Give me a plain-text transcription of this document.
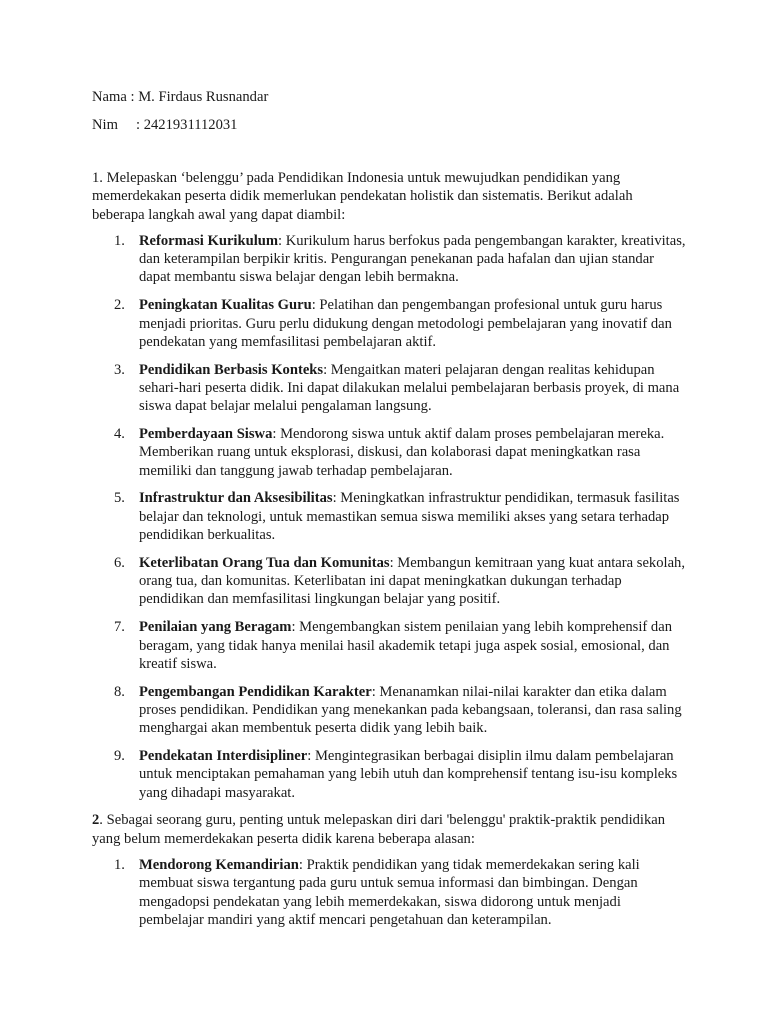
Nama : M. Firdaus Rusnandar
Nim : 2421931112031

1. Melepaskan ‘belenggu’ pada Pendidikan Indonesia untuk mewujudkan pendidikan yang memerdekakan peserta didik memerlukan pendekatan holistik dan sistematis. Berikut adalah beberapa langkah awal yang dapat diambil:

1. Reformasi Kurikulum: Kurikulum harus berfokus pada pengembangan karakter, kreativitas, dan keterampilan berpikir kritis. Pengurangan penekanan pada hafalan dan ujian standar dapat membantu siswa belajar dengan lebih bermakna.
2. Peningkatan Kualitas Guru: Pelatihan dan pengembangan profesional untuk guru harus menjadi prioritas. Guru perlu didukung dengan metodologi pembelajaran yang inovatif dan pendekatan yang memfasilitasi pembelajaran aktif.
3. Pendidikan Berbasis Konteks: Mengaitkan materi pelajaran dengan realitas kehidupan sehari-hari peserta didik. Ini dapat dilakukan melalui pembelajaran berbasis proyek, di mana siswa dapat belajar melalui pengalaman langsung.
4. Pemberdayaan Siswa: Mendorong siswa untuk aktif dalam proses pembelajaran mereka. Memberikan ruang untuk eksplorasi, diskusi, dan kolaborasi dapat meningkatkan rasa memiliki dan tanggung jawab terhadap pembelajaran.
5. Infrastruktur dan Aksesibilitas: Meningkatkan infrastruktur pendidikan, termasuk fasilitas belajar dan teknologi, untuk memastikan semua siswa memiliki akses yang setara terhadap pendidikan berkualitas.
6. Keterlibatan Orang Tua dan Komunitas: Membangun kemitraan yang kuat antara sekolah, orang tua, dan komunitas. Keterlibatan ini dapat meningkatkan dukungan terhadap pendidikan dan memfasilitasi lingkungan belajar yang positif.
7. Penilaian yang Beragam: Mengembangkan sistem penilaian yang lebih komprehensif dan beragam, yang tidak hanya menilai hasil akademik tetapi juga aspek sosial, emosional, dan kreatif siswa.
8. Pengembangan Pendidikan Karakter: Menanamkan nilai-nilai karakter dan etika dalam proses pendidikan. Pendidikan yang menekankan pada kebangsaan, toleransi, dan rasa saling menghargai akan membentuk peserta didik yang lebih baik.
9. Pendekatan Interdisipliner: Mengintegrasikan berbagai disiplin ilmu dalam pembelajaran untuk menciptakan pemahaman yang lebih utuh dan komprehensif tentang isu-isu kompleks yang dihadapi masyarakat.

2. Sebagai seorang guru, penting untuk melepaskan diri dari 'belenggu' praktik-praktik pendidikan yang belum memerdekakan peserta didik karena beberapa alasan:

1. Mendorong Kemandirian: Praktik pendidikan yang tidak memerdekakan sering kali membuat siswa tergantung pada guru untuk semua informasi dan bimbingan. Dengan mengadopsi pendekatan yang lebih memerdekakan, siswa didorong untuk menjadi pembelajar mandiri yang aktif mencari pengetahuan dan keterampilan.
